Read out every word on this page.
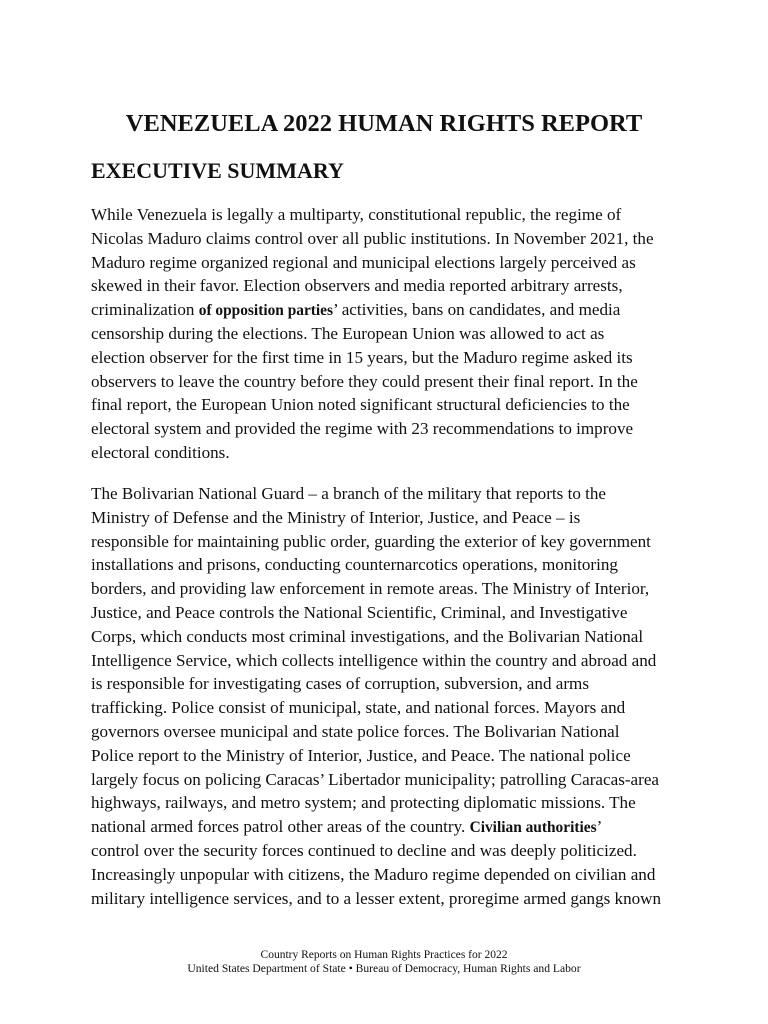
VENEZUELA 2022 HUMAN RIGHTS REPORT
EXECUTIVE SUMMARY

While Venezuela is legally a multiparty, constitutional republic, the regime of
Nicolas Maduro claims control over all public institutions. In November 2021, the
Maduro regime organized regional and municipal elections largely perceived as
skewed in their favor. Election observers and media reported arbitrary arrests,
criminalization of opposition parties’ activities, bans on candidates, and media
censorship during the elections. The European Union was allowed to act as
election observer for the first time in 15 years, but the Maduro regime asked its
observers to leave the country before they could present their final report. In the
final report, the European Union noted significant structural deficiencies to the
electoral system and provided the regime with 23 recommendations to improve
electoral conditions.

The Bolivarian National Guard – a branch of the military that reports to the
Ministry of Defense and the Ministry of Interior, Justice, and Peace – is
responsible for maintaining public order, guarding the exterior of key government
installations and prisons, conducting counternarcotics operations, monitoring
borders, and providing law enforcement in remote areas. The Ministry of Interior,
Justice, and Peace controls the National Scientific, Criminal, and Investigative
Corps, which conducts most criminal investigations, and the Bolivarian National
Intelligence Service, which collects intelligence within the country and abroad and
is responsible for investigating cases of corruption, subversion, and arms
trafficking. Police consist of municipal, state, and national forces. Mayors and
governors oversee municipal and state police forces. The Bolivarian National
Police report to the Ministry of Interior, Justice, and Peace. The national police
largely focus on policing Caracas’ Libertador municipality; patrolling Caracas-area
highways, railways, and metro system; and protecting diplomatic missions. The
national armed forces patrol other areas of the country. Civilian authorities’
control over the security forces continued to decline and was deeply politicized.
Increasingly unpopular with citizens, the Maduro regime depended on civilian and
military intelligence services, and to a lesser extent, proregime armed gangs known

Country Reports on Human Rights Practices for 2022
United States Department of State • Bureau of Democracy, Human Rights and Labor
